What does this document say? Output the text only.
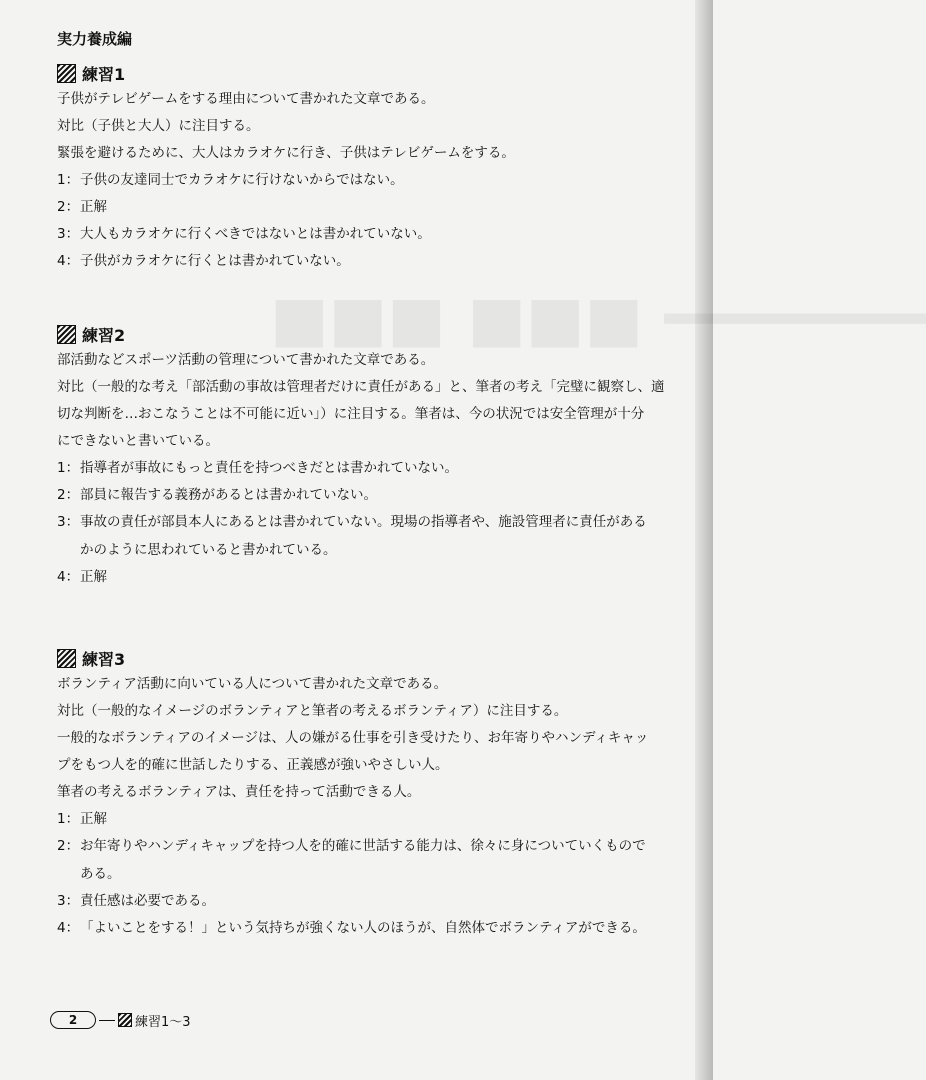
■■■ ■■■ ━━━━━━━
実力養成編
練習1
子供がテレビゲームをする理由について書かれた文章である。
対比（子供と大人）に注目する。
緊張を避けるために、大人はカラオケに行き、子供はテレビゲームをする。
1： 子供の友達同士でカラオケに行けないからではない。
2： 正解
3： 大人もカラオケに行くべきではないとは書かれていない。
4： 子供がカラオケに行くとは書かれていない。
練習2
部活動などスポーツ活動の管理について書かれた文章である。
対比（一般的な考え「部活動の事故は管理者だけに責任がある」と、筆者の考え「完璧に観察し、適
切な判断を…おこなうことは不可能に近い」）に注目する。筆者は、今の状況では安全管理が十分
にできないと書いている。
1： 指導者が事故にもっと責任を持つべきだとは書かれていない。
2： 部員に報告する義務があるとは書かれていない。
3： 事故の責任が部員本人にあるとは書かれていない。現場の指導者や、施設管理者に責任がある
かのように思われていると書かれている。
4： 正解
練習3
ボランティア活動に向いている人について書かれた文章である。
対比（一般的なイメージのボランティアと筆者の考えるボランティア）に注目する。
一般的なボランティアのイメージは、人の嫌がる仕事を引き受けたり、お年寄りやハンディキャッ
プをもつ人を的確に世話したりする、正義感が強いやさしい人。
筆者の考えるボランティアは、責任を持って活動できる人。
1： 正解
2： お年寄りやハンディキャップを持つ人を的確に世話する能力は、徐々に身についていくもので
ある。
3： 責任感は必要である。
4： 「よいことをする！」という気持ちが強くない人のほうが、自然体でボランティアができる。
2	練習1〜3
